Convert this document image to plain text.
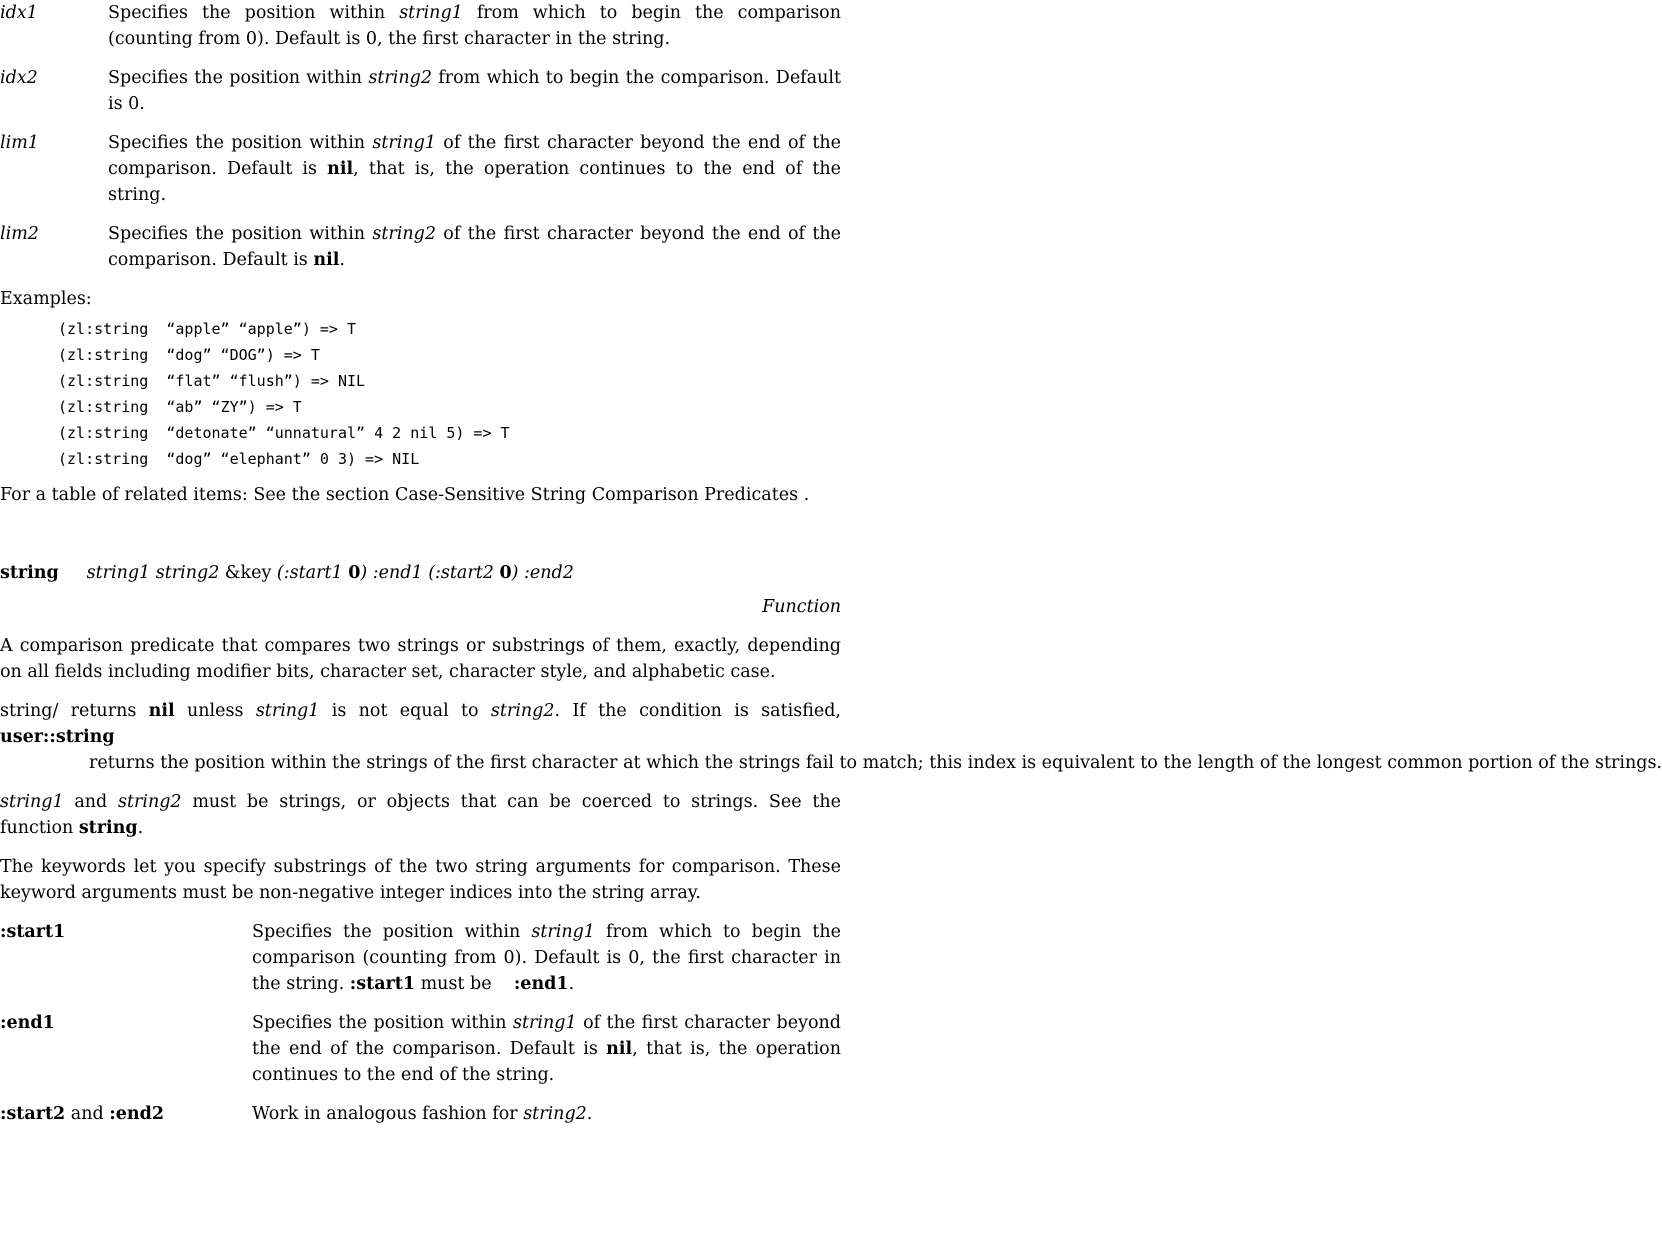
idx1	Specifies the position within string1 from which to begin the comparison (counting from 0). Default is 0, the first character in the string.
idx2	Specifies the position within string2 from which to begin the comparison. Default is 0.
lim1	Specifies the position within string1 of the first character beyond the end of the comparison. Default is nil, that is, the operation continues to the end of the string.
lim2	Specifies the position within string2 of the first character beyond the end of the comparison. Default is nil.

Examples:

(zl:string  “apple” “apple”) => T
(zl:string  “dog” “DOG”) => T
(zl:string  “flat” “flush”) => NIL
(zl:string  “ab” “ZY”) => T
(zl:string  “detonate” “unnatural” 4 2 nil 5) => T
(zl:string  “dog” “elephant” 0 3) => NIL

For a table of related items: See the section Case-Sensitive String Comparison Predicates .

string string1 string2 &key (:start1 0) :end1 (:start2 0) :end2
Function

A comparison predicate that compares two strings or substrings of them, exactly, depending on all fields including modifier bits, character set, character style, and alphabetic case.

string/ returns nil unless string1 is not equal to string2. If the condition is satisfied, user::string                returns the position within the strings of the first character at which the strings fail to match; this index is equivalent to the length of the longest common portion of the strings.

string1 and string2 must be strings, or objects that can be coerced to strings. See the function string.

The keywords let you specify substrings of the two string arguments for comparison. These keyword arguments must be non-negative integer indices into the string array.

:start1	Specifies the position within string1 from which to begin the comparison (counting from 0). Default is 0, the first character in the string. :start1 must be    :end1.
:end1	Specifies the position within string1 of the first character beyond the end of the comparison. Default is nil, that is, the operation continues to the end of the string.
:start2 and :end2	Work in analogous fashion for string2.
